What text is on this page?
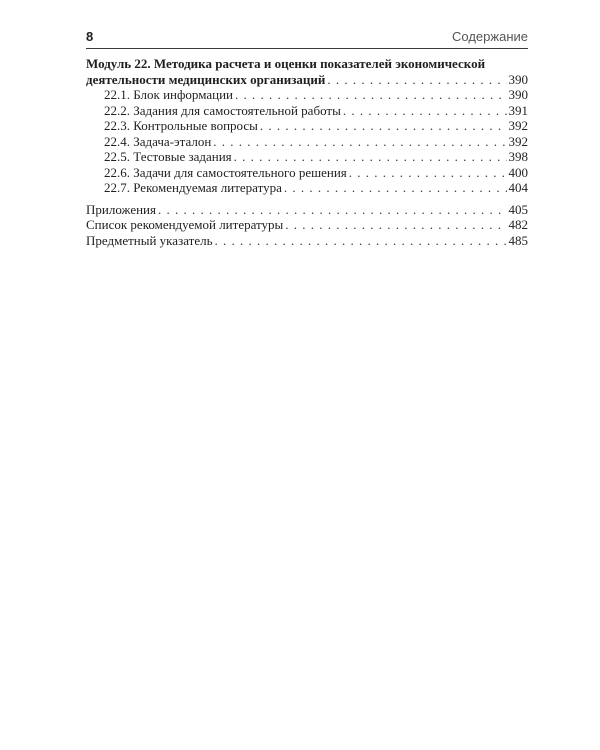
8	Содержание
Модуль 22. Методика расчета и оценки показателей экономической
деятельности медицинских организаций . . .	390
22.1. Блок информации . . .	390
22.2. Задания для самостоятельной работы . . .	391
22.3. Контрольные вопросы . . .	392
22.4. Задача-эталон . . .	392
22.5. Тестовые задания . . .	398
22.6. Задачи для самостоятельного решения . . .	400
22.7. Рекомендуемая литература . . .	404
Приложения . . .	405
Список рекомендуемой литературы . . .	482
Предметный указатель . . .	485
